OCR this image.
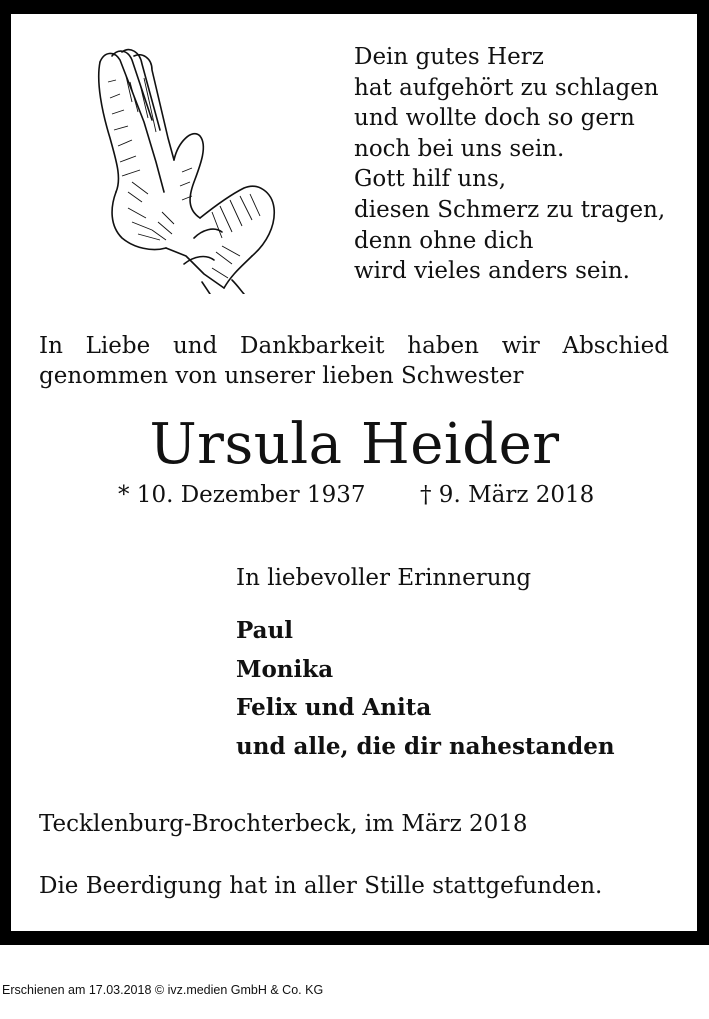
Dein gutes Herz
hat aufgehört zu schlagen
und wollte doch so gern
noch bei uns sein.
Gott hilf uns,
diesen Schmerz zu tragen,
denn ohne dich
wird vieles anders sein.
In Liebe und Dankbarkeit haben wir Abschied
genommen von unserer lieben Schwester
Ursula Heider
* 10. Dezember 1937 † 9. März 2018
In liebevoller Erinnerung
Paul
Monika
Felix und Anita
und alle, die dir nahestanden
Tecklenburg-Brochterbeck, im März 2018
Die Beerdigung hat in aller Stille stattgefunden.
Erschienen am 17.03.2018 © ivz.medien GmbH & Co. KG
